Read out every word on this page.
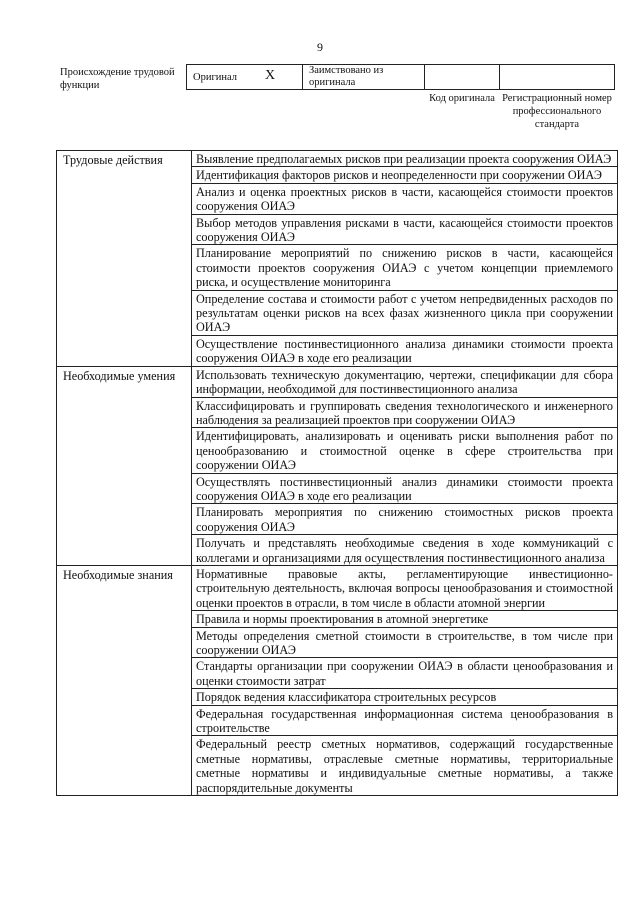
9
Происхождение трудовой функции
Оригинал X	Заимствовано из оригинала		
Код оригинала Регистрационный номер профессионального стандарта
Трудовые действия	Выявление предполагаемых рисков при реализации проекта сооружения ОИАЭ
	Идентификация факторов рисков и неопределенности при сооружении ОИАЭ
	Анализ и оценка проектных рисков в части, касающейся стоимости проектов сооружения ОИАЭ
	Выбор методов управления рисками в части, касающейся стоимости проектов сооружения ОИАЭ
	Планирование мероприятий по снижению рисков в части, касающейся стоимости проектов сооружения ОИАЭ с учетом концепции приемлемого риска, и осуществление мониторинга
	Определение состава и стоимости работ с учетом непредвиденных расходов по результатам оценки рисков на всех фазах жизненного цикла при сооружении ОИАЭ
	Осуществление постинвестиционного анализа динамики стоимости проекта сооружения ОИАЭ в ходе его реализации
Необходимые умения	Использовать техническую документацию, чертежи, спецификации для сбора информации, необходимой для постинвестиционного анализа
	Классифицировать и группировать сведения технологического и инженерного наблюдения за реализацией проектов при сооружении ОИАЭ
	Идентифицировать, анализировать и оценивать риски выполнения работ по ценообразованию и стоимостной оценке в сфере строительства при сооружении ОИАЭ
	Осуществлять постинвестиционный анализ динамики стоимости проекта сооружения ОИАЭ в ходе его реализации
	Планировать мероприятия по снижению стоимостных рисков проекта сооружения ОИАЭ
	Получать и представлять необходимые сведения в ходе коммуникаций с коллегами и организациями для осуществления постинвестиционного анализа
Необходимые знания	Нормативные правовые акты, регламентирующие инвестиционно-строительную деятельность, включая вопросы ценообразования и стоимостной оценки проектов в отрасли, в том числе в области атомной энергии
	Правила и нормы проектирования в атомной энергетике
	Методы определения сметной стоимости в строительстве, в том числе при сооружении ОИАЭ
	Стандарты организации при сооружении ОИАЭ в области ценообразования и оценки стоимости затрат
	Порядок ведения классификатора строительных ресурсов
	Федеральная государственная информационная система ценообразования в строительстве
	Федеральный реестр сметных нормативов, содержащий государственные сметные нормативы, отраслевые сметные нормативы, территориальные сметные нормативы и индивидуальные сметные нормативы, а также распорядительные документы
